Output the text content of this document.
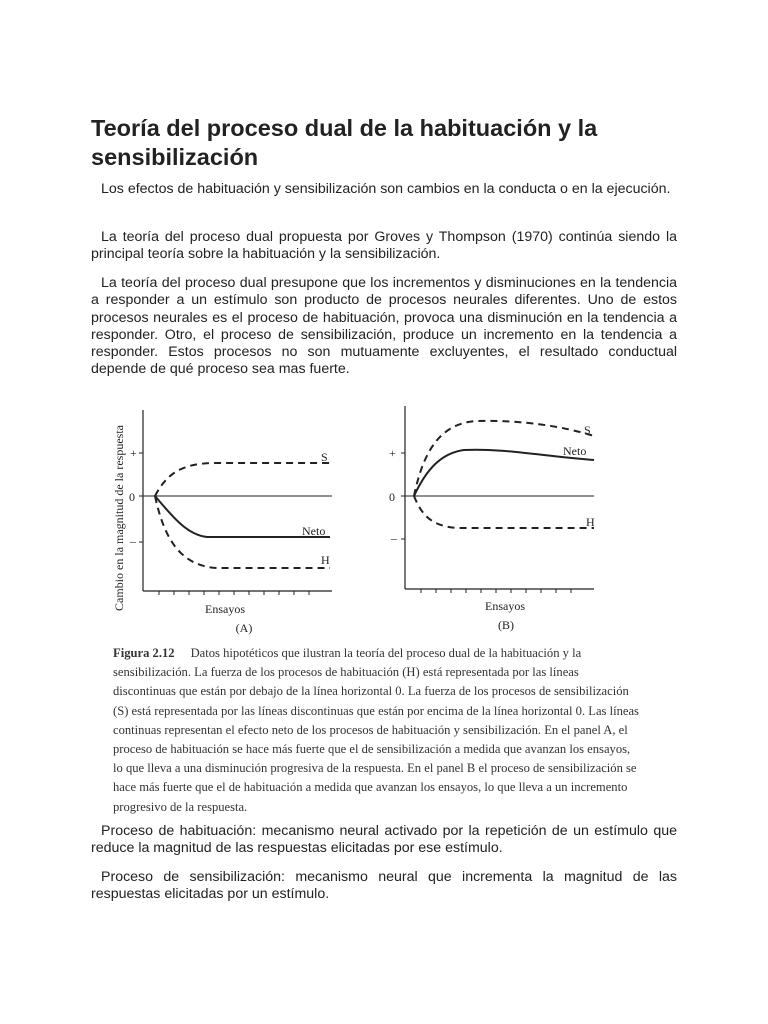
Teoría del proceso dual de la habituación y la sensibilización

Los efectos de habituación y sensibilización son cambios en la conducta o en la ejecución.

La teoría del proceso dual propuesta por Groves y Thompson (1970) continúa siendo la principal teoría sobre la habituación y la sensibilización.

La teoría del proceso dual presupone que los incrementos y disminuciones en la tendencia a responder a un estímulo son producto de procesos neurales diferentes. Uno de estos procesos neurales es el proceso de habituación, provoca una disminución en la tendencia a responder. Otro, el proceso de sensibilización, produce un incremento en la tendencia a responder. Estos procesos no son mutuamente excluyentes, el resultado conductual depende de qué proceso sea mas fuerte.

Cambio en la magnitud de la respuesta +
0
–
S
Neto
H
Ensayos
(A)
+
0
–
S
Neto
H
Ensayos
(B)
Figura 2.12 Datos hipotéticos que ilustran la teoría del proceso dual de la habituación y la sensibilización. La fuerza de los procesos de habituación (H) está representada por las líneas discontinuas que están por debajo de la línea horizontal 0. La fuerza de los procesos de sensibilización (S) está representada por las líneas discontinuas que están por encima de la línea horizontal 0. Las líneas continuas representan el efecto neto de los procesos de habituación y sensibilización. En el panel A, el proceso de habituación se hace más fuerte que el de sensibilización a medida que avanzan los ensayos, lo que lleva a una disminución progresiva de la respuesta. En el panel B el proceso de sensibilización se hace más fuerte que el de habituación a medida que avanzan los ensayos, lo que lleva a un incremento progresivo de la respuesta.

Proceso de habituación: mecanismo neural activado por la repetición de un estímulo que reduce la magnitud de las respuestas elicitadas por ese estímulo.

Proceso de sensibilización: mecanismo neural que incrementa la magnitud de las respuestas elicitadas por un estímulo.
